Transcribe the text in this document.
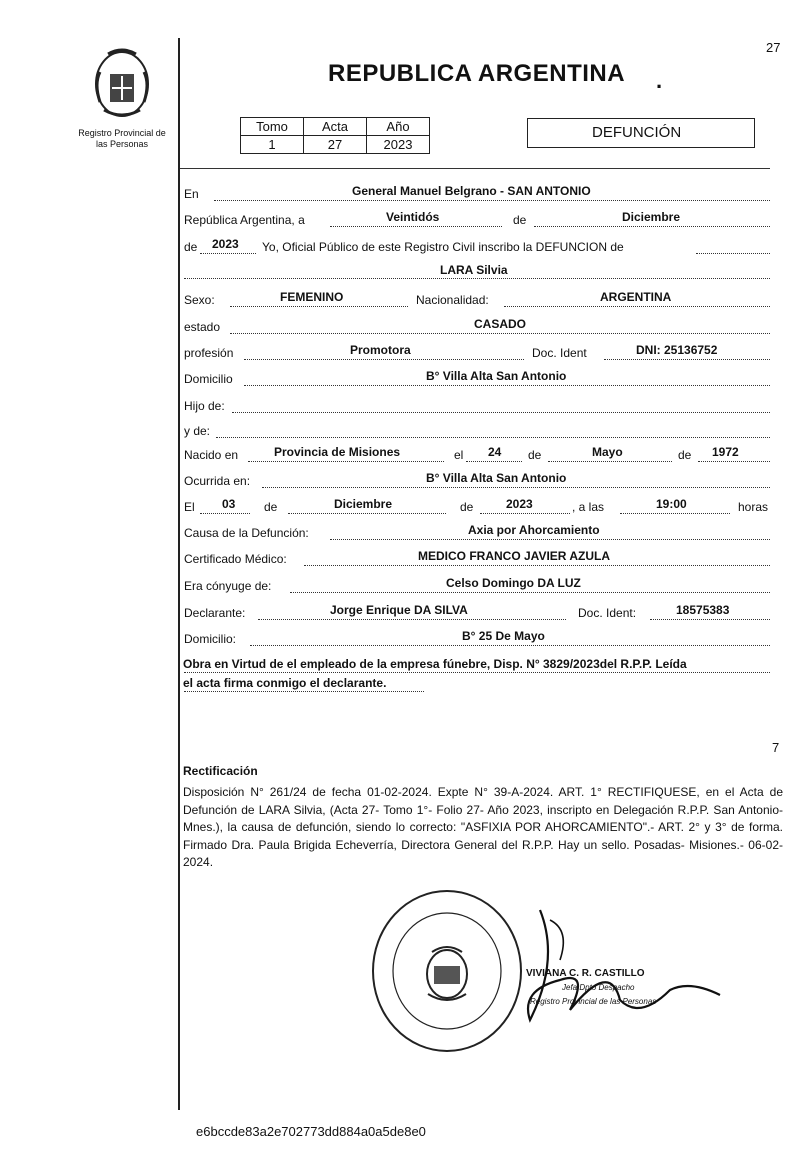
Registro Provincial de
las Personas
27
REPUBLICA ARGENTINA .
Tomo	Acta	Año
1	27	2023
DEFUNCIÓN
En	General Manuel Belgrano - SAN ANTONIO
República Argentina, a	Veintidós	de	Diciembre
de 2023 Yo, Oficial Público de este Registro Civil inscribo la DEFUNCION de
LARA Silvia
Sexo:	FEMENINO	Nacionalidad:	ARGENTINA
estado	CASADO
profesión	Promotora	Doc. Ident	DNI: 25136752
Domicilio	B° Villa Alta San Antonio
Hijo de:
y de:
Nacido en	Provincia de Misiones	el 24 de	Mayo	de 1972
Ocurrida en:	B° Villa Alta San Antonio
El 03 de	Diciembre	de	2023	, a las	19:00	horas
Causa de la Defunción:	Axia por Ahorcamiento
Certificado Médico:	MEDICO FRANCO JAVIER AZULA
Era cónyuge de:	Celso Domingo DA LUZ
Declarante:	Jorge Enrique DA SILVA	Doc. Ident:	18575383
Domicilio:	B° 25 De Mayo
Obra en Virtud de el empleado de la empresa fúnebre, Disp. N° 3829/2023del R.P.P. Leída
el acta firma conmigo el declarante.
7
Rectificación
Disposición N° 261/24 de fecha 01-02-2024. Expte N° 39-A-2024. ART. 1° RECTIFIQUESE, en el Acta de Defunción de LARA Silvia, (Acta 27- Tomo 1°- Folio 27- Año 2023, inscripto en Delegación R.P.P. San Antonio-Mnes.), la causa de defunción, siendo lo correcto: "ASFIXIA POR AHORCAMIENTO".- ART. 2° y 3° de forma. Firmado Dra. Paula Brigida Echeverría, Directora General del R.P.P. Hay un sello. Posadas- Misiones.- 06-02-2024.
VIVIANA C. R. CASTILLO
Jefa Dpto Despacho
Registro Provincial de las Personas
e6bccde83a2e702773dd884a0a5de8e0
